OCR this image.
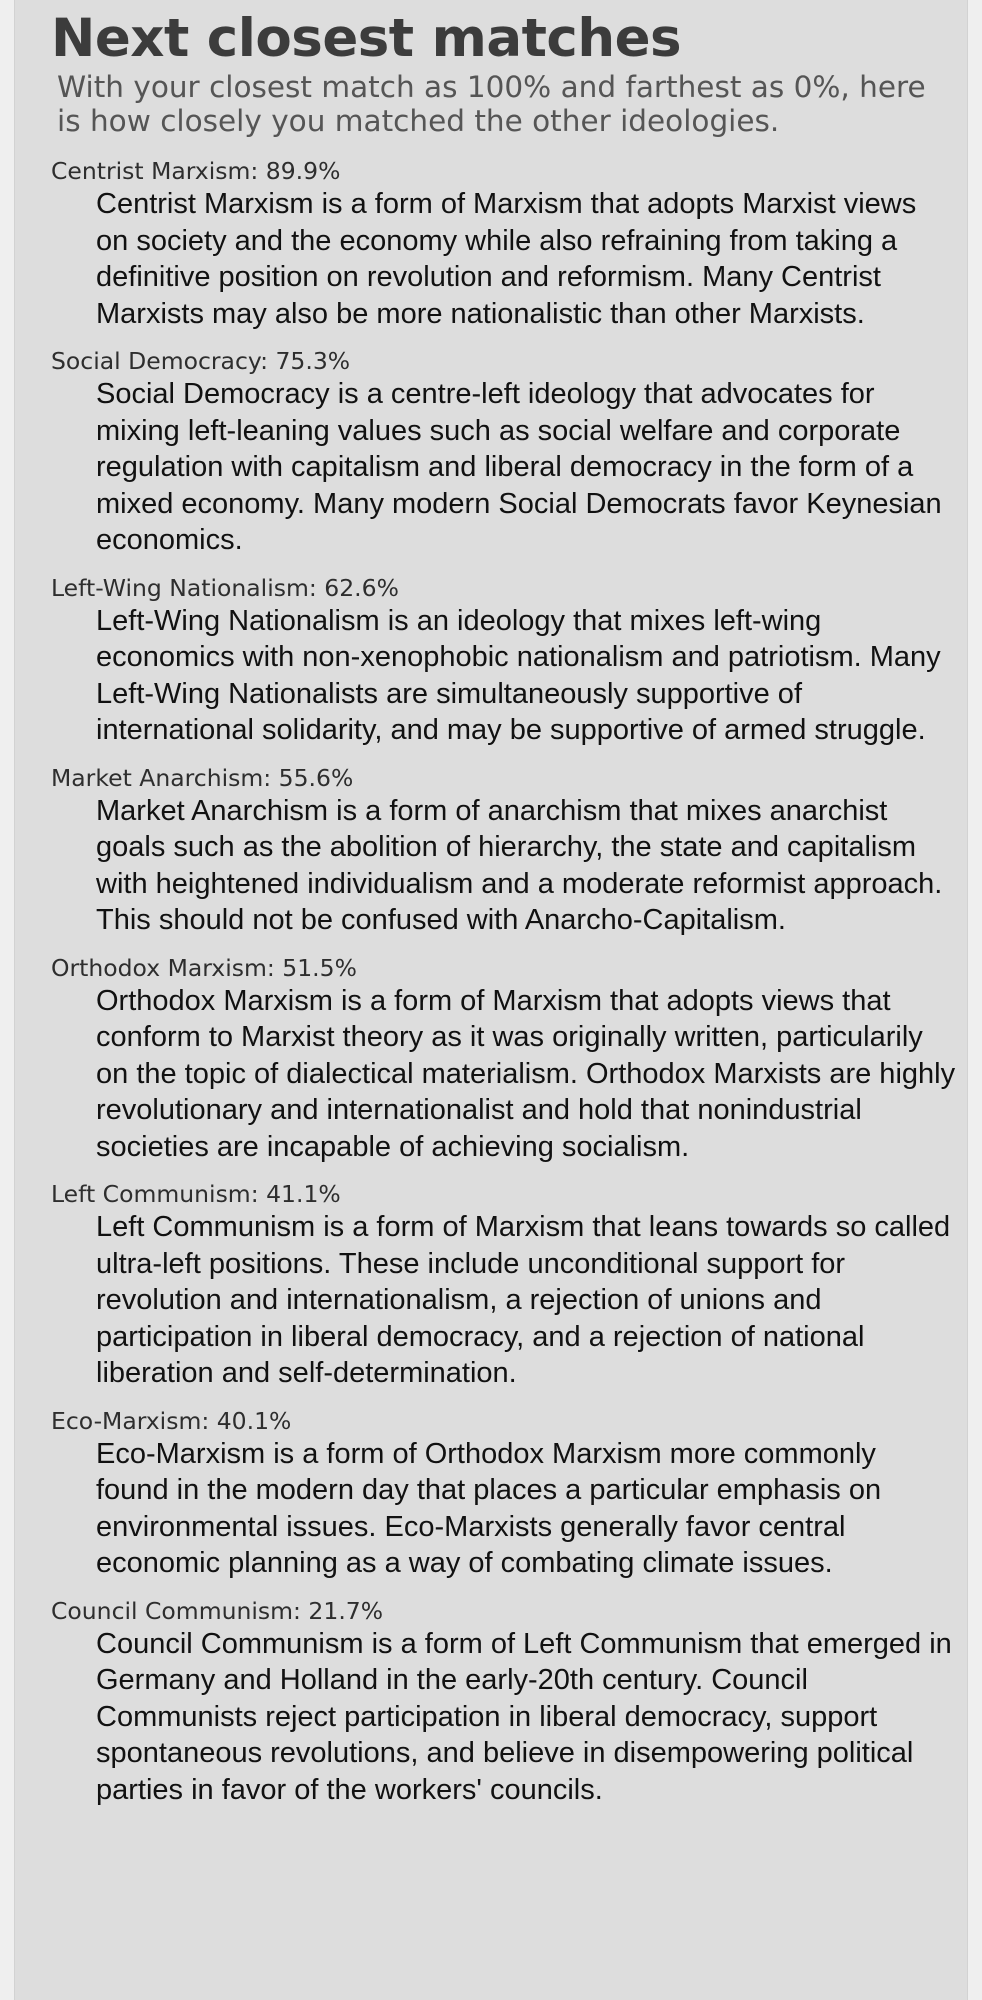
Next closest matches

With your closest match as 100% and farthest as 0%, here is how closely you matched the other ideologies.

Centrist Marxism: 89.9%

Centrist Marxism is a form of Marxism that adopts Marxist views on society and the economy while also refraining from taking a definitive position on revolution and reformism. Many Centrist Marxists may also be more nationalistic than other Marxists.

Social Democracy: 75.3%

Social Democracy is a centre-left ideology that advocates for mixing left-leaning values such as social welfare and corporate regulation with capitalism and liberal democracy in the form of a mixed economy. Many modern Social Democrats favor Keynesian economics.

Left-Wing Nationalism: 62.6%

Left-Wing Nationalism is an ideology that mixes left-wing economics with non-xenophobic nationalism and patriotism. Many Left-Wing Nationalists are simultaneously supportive of international solidarity, and may be supportive of armed struggle.

Market Anarchism: 55.6%

Market Anarchism is a form of anarchism that mixes anarchist goals such as the abolition of hierarchy, the state and capitalism with heightened individualism and a moderate reformist approach. This should not be confused with Anarcho-Capitalism.

Orthodox Marxism: 51.5%

Orthodox Marxism is a form of Marxism that adopts views that conform to Marxist theory as it was originally written, particularily on the topic of dialectical materialism. Orthodox Marxists are highly revolutionary and internationalist and hold that nonindustrial societies are incapable of achieving socialism.

Left Communism: 41.1%

Left Communism is a form of Marxism that leans towards so called ultra-left positions. These include unconditional support for revolution and internationalism, a rejection of unions and participation in liberal democracy, and a rejection of national liberation and self-determination.

Eco-Marxism: 40.1%

Eco-Marxism is a form of Orthodox Marxism more commonly found in the modern day that places a particular emphasis on environmental issues. Eco-Marxists generally favor central economic planning as a way of combating climate issues.

Council Communism: 21.7%

Council Communism is a form of Left Communism that emerged in Germany and Holland in the early-20th century. Council Communists reject participation in liberal democracy, support spontaneous revolutions, and believe in disempowering political parties in favor of the workers' councils.
